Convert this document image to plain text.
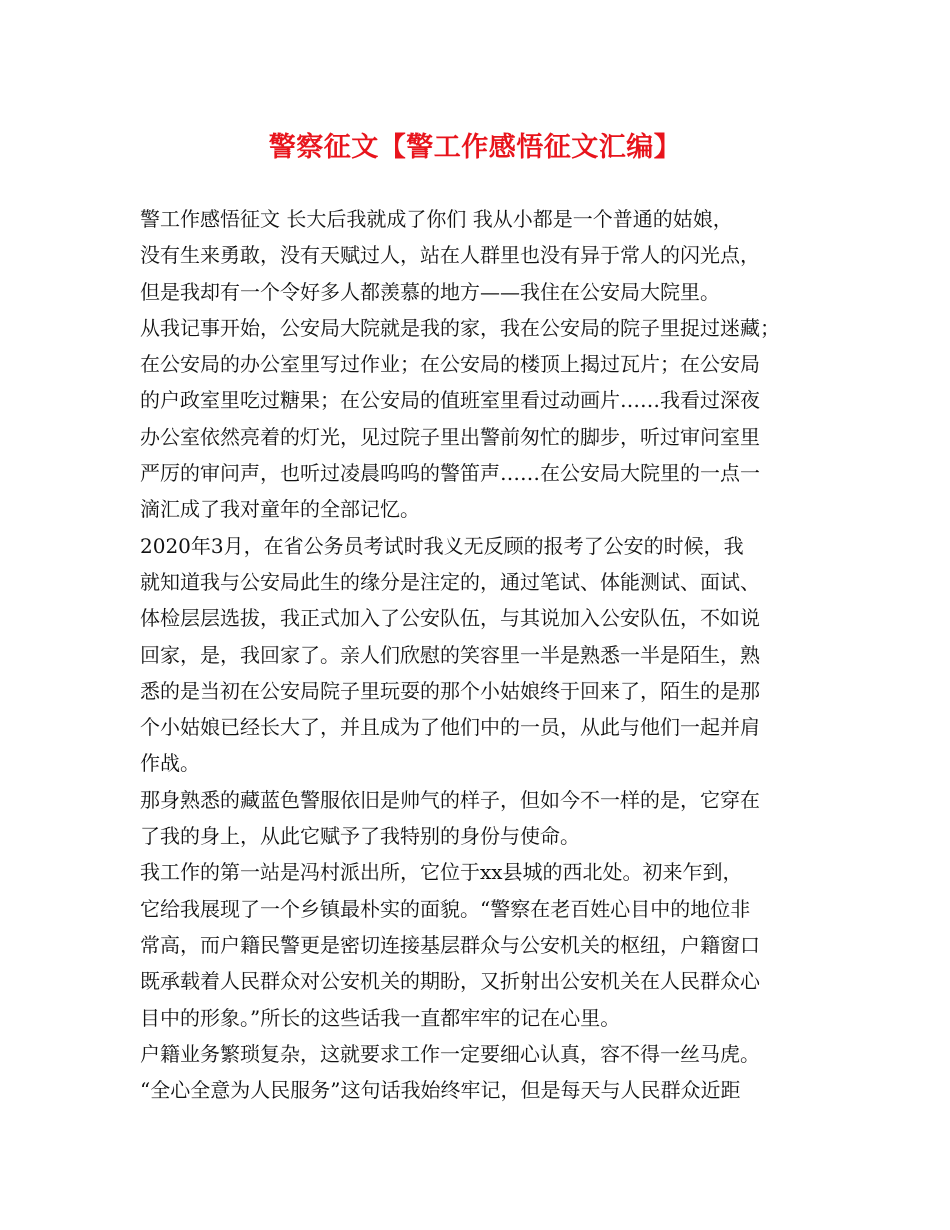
警察征文【警工作感悟征文汇编】
警工作感悟征文 长大后我就成了你们 我从小都是一个普通的姑娘，
没有生来勇敢，没有天赋过人，站在人群里也没有异于常人的闪光点，
但是我却有一个令好多人都羡慕的地方——我住在公安局大院里。
从我记事开始，公安局大院就是我的家，我在公安局的院子里捉过迷藏；
在公安局的办公室里写过作业；在公安局的楼顶上揭过瓦片；在公安局
的户政室里吃过糖果；在公安局的值班室里看过动画片……我看过深夜
办公室依然亮着的灯光，见过院子里出警前匆忙的脚步，听过审问室里
严厉的审问声，也听过凌晨呜呜的警笛声……在公安局大院里的一点一
滴汇成了我对童年的全部记忆。
2020年3月，在省公务员考试时我义无反顾的报考了公安的时候，我
就知道我与公安局此生的缘分是注定的，通过笔试、体能测试、面试、
体检层层选拔，我正式加入了公安队伍，与其说加入公安队伍，不如说
回家，是，我回家了。亲人们欣慰的笑容里一半是熟悉一半是陌生，熟
悉的是当初在公安局院子里玩耍的那个小姑娘终于回来了，陌生的是那
个小姑娘已经长大了，并且成为了他们中的一员，从此与他们一起并肩
作战。
那身熟悉的藏蓝色警服依旧是帅气的样子，但如今不一样的是，它穿在
了我的身上，从此它赋予了我特别的身份与使命。
我工作的第一站是冯村派出所，它位于xx县城的西北处。初来乍到，
它给我展现了一个乡镇最朴实的面貌。“警察在老百姓心目中的地位非
常高，而户籍民警更是密切连接基层群众与公安机关的枢纽，户籍窗口
既承载着人民群众对公安机关的期盼，又折射出公安机关在人民群众心
目中的形象。”所长的这些话我一直都牢牢的记在心里。
户籍业务繁琐复杂，这就要求工作一定要细心认真，容不得一丝马虎。
“全心全意为人民服务”这句话我始终牢记，但是每天与人民群众近距
